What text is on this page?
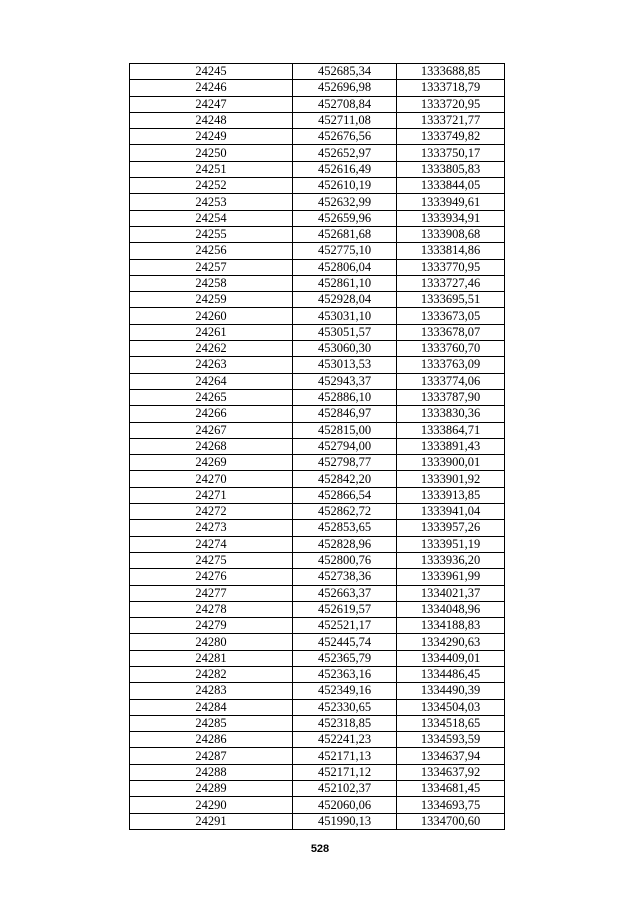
24245	452685,34	1333688,85
24246	452696,98	1333718,79
24247	452708,84	1333720,95
24248	452711,08	1333721,77
24249	452676,56	1333749,82
24250	452652,97	1333750,17
24251	452616,49	1333805,83
24252	452610,19	1333844,05
24253	452632,99	1333949,61
24254	452659,96	1333934,91
24255	452681,68	1333908,68
24256	452775,10	1333814,86
24257	452806,04	1333770,95
24258	452861,10	1333727,46
24259	452928,04	1333695,51
24260	453031,10	1333673,05
24261	453051,57	1333678,07
24262	453060,30	1333760,70
24263	453013,53	1333763,09
24264	452943,37	1333774,06
24265	452886,10	1333787,90
24266	452846,97	1333830,36
24267	452815,00	1333864,71
24268	452794,00	1333891,43
24269	452798,77	1333900,01
24270	452842,20	1333901,92
24271	452866,54	1333913,85
24272	452862,72	1333941,04
24273	452853,65	1333957,26
24274	452828,96	1333951,19
24275	452800,76	1333936,20
24276	452738,36	1333961,99
24277	452663,37	1334021,37
24278	452619,57	1334048,96
24279	452521,17	1334188,83
24280	452445,74	1334290,63
24281	452365,79	1334409,01
24282	452363,16	1334486,45
24283	452349,16	1334490,39
24284	452330,65	1334504,03
24285	452318,85	1334518,65
24286	452241,23	1334593,59
24287	452171,13	1334637,94
24288	452171,12	1334637,92
24289	452102,37	1334681,45
24290	452060,06	1334693,75
24291	451990,13	1334700,60
528
